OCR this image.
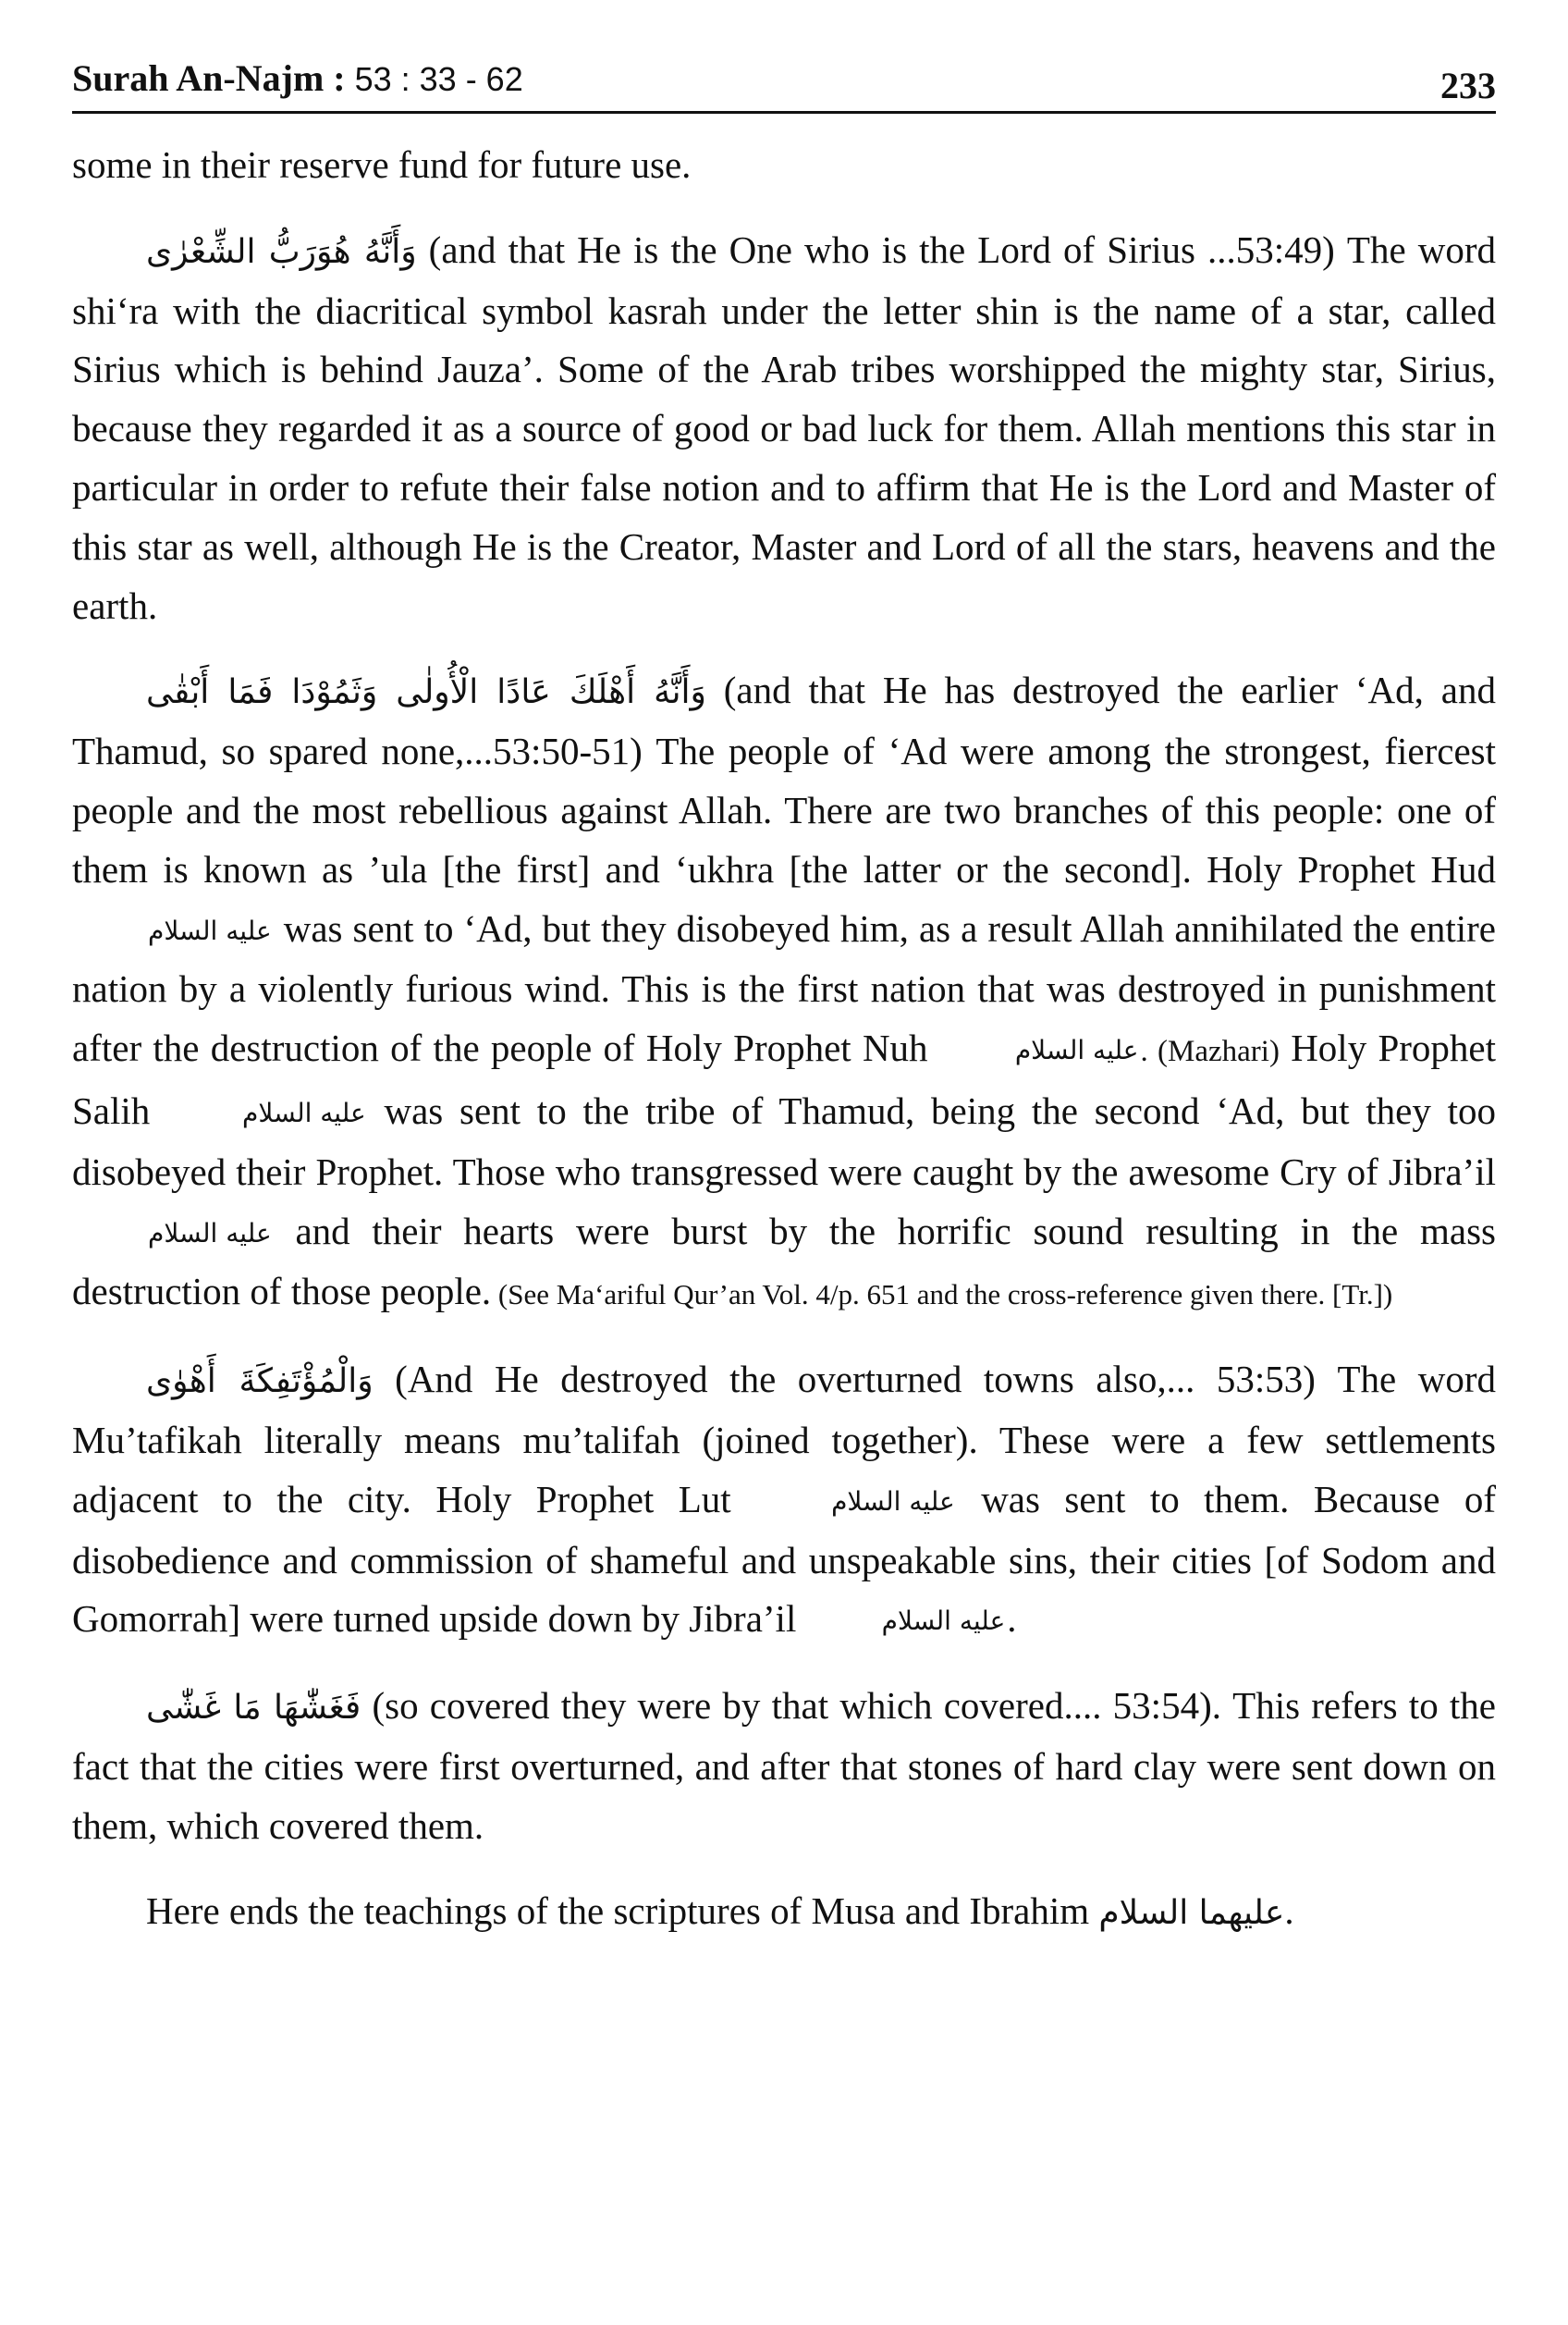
Surah An-Najm : 53 : 33 - 62	233

some in their reserve fund for future use.

وَأَنَّهُ هُوَرَبُّ الشِّعْرٰى (and that He is the One who is the Lord of Sirius ...53:49) The word shi‘ra with the diacritical symbol kasrah under the letter shin is the name of a star, called Sirius which is behind Jauza’. Some of the Arab tribes worshipped the mighty star, Sirius, because they regarded it as a source of good or bad luck for them. Allah mentions this star in particular in order to refute their false notion and to affirm that He is the Lord and Master of this star as well, although He is the Creator, Master and Lord of all the stars, heavens and the earth.

وَأَنَّهُ أَهْلَكَ عَادًا الْأُولٰى وَثَمُوْدَا فَمَا أَبْقٰى (and that He has destroyed the earlier ‘Ad, and Thamud, so spared none,...53:50-51) The people of ‘Ad were among the strongest, fiercest people and the most rebellious against Allah. There are two branches of this people: one of them is known as ’ula [the first] and ‘ukhra [the latter or the second]. Holy Prophet Hud عليه السلام was sent to ‘Ad, but they disobeyed him, as a result Allah annihilated the entire nation by a violently furious wind. This is the first nation that was destroyed in punishment after the destruction of the people of Holy Prophet Nuh	عليه السلام. (Mazhari) Holy Prophet Salih	عليه السلام was sent to the tribe of Thamud, being the second ‘Ad, but they too disobeyed their Prophet. Those who transgressed were caught by the awesome Cry of Jibra’il عليه السلام and their hearts were burst by the horrific sound resulting in the mass destruction of those people. (See Ma‘ariful Qur’an Vol. 4/p. 651 and the cross-reference given there. [Tr.])

وَالْمُؤْتَفِكَةَ أَهْوٰى (And He destroyed the overturned towns also,... 53:53) The word Mu’tafikah literally means mu’talifah (joined together). These were a few settlements adjacent to the city. Holy Prophet Lut	عليه السلام was sent to them. Because of disobedience and commission of shameful and unspeakable sins, their cities [of Sodom and Gomorrah] were turned upside down by Jibra’il	عليه السلام.

فَغَشّٰهَا مَا غَشّٰى (so covered they were by that which covered.... 53:54). This refers to the fact that the cities were first overturned, and after that stones of hard clay were sent down on them, which covered them.

Here ends the teachings of the scriptures of Musa and Ibrahim عليهما السلام.
